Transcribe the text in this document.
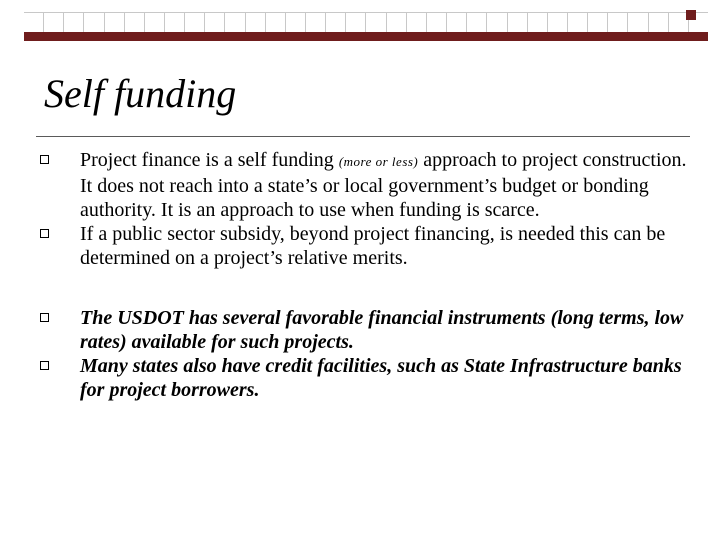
Self funding
Project finance is a self funding (more or less) approach to project construction. It does not reach into a state’s or local government’s budget or bonding authority. It is an approach to use when funding is scarce.
If a public sector subsidy, beyond project financing, is needed this can be determined on a project’s relative merits.
The USDOT has several favorable financial instruments (long terms, low rates) available for such projects.
Many states also have credit facilities, such as State Infrastructure banks for project borrowers.
